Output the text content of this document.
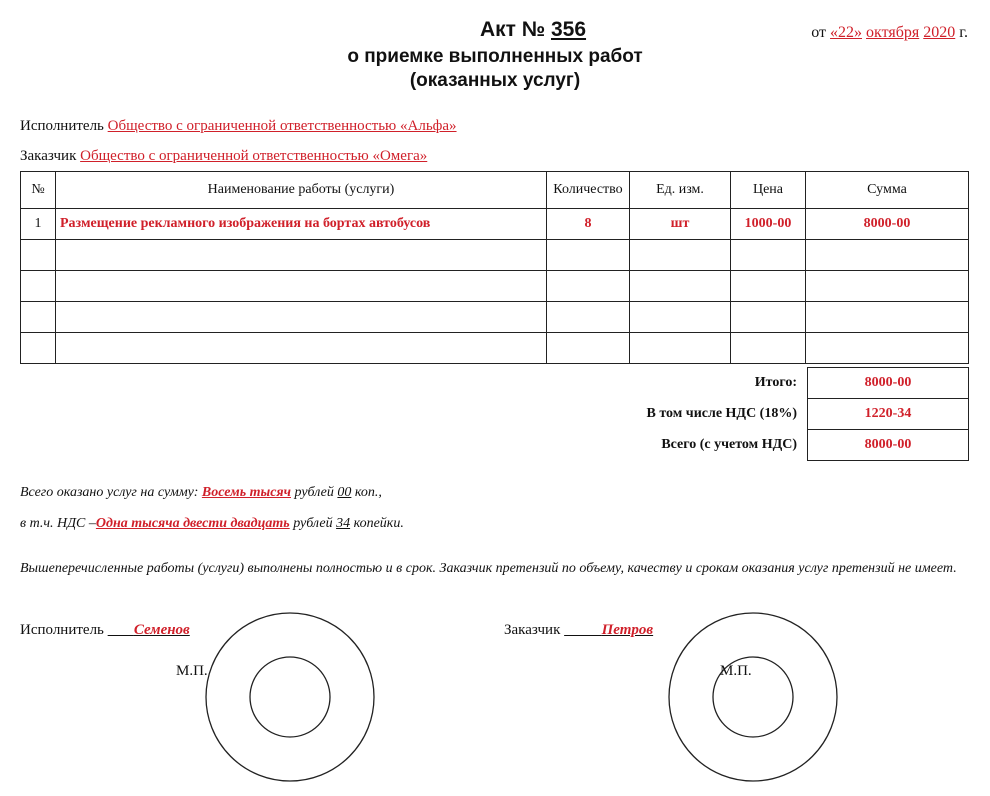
Акт № 356
о приемке выполненных работ
(оказанных услуг)
от «22» октября 2020 г.
Исполнитель Общество с ограниченной ответственностью «Альфа»
Заказчик Общество с ограниченной ответственностью «Омега»
№	Наименование работы (услуги)	Количество	Ед. изм.	Цена	Сумма
1	Размещение рекламного изображения на бортах автобусов	8	шт	1000-00	8000-00

Итого:	8000-00
В том числе НДС (18%)	1220-34
Всего (с учетом НДС)	8000-00
Всего оказано услуг на сумму: Восемь тысяч рублей 00 коп.,
в т.ч. НДС –Одна тысяча двести двадцать рублей 34 копейки.
Вышеперечисленные работы (услуги) выполнены полностью и в срок. Заказчик претензий по объему, качеству и срокам оказания услуг претензий не имеет.
Исполнитель Семенов	Заказчик	Петров
М.П.	М.П.
